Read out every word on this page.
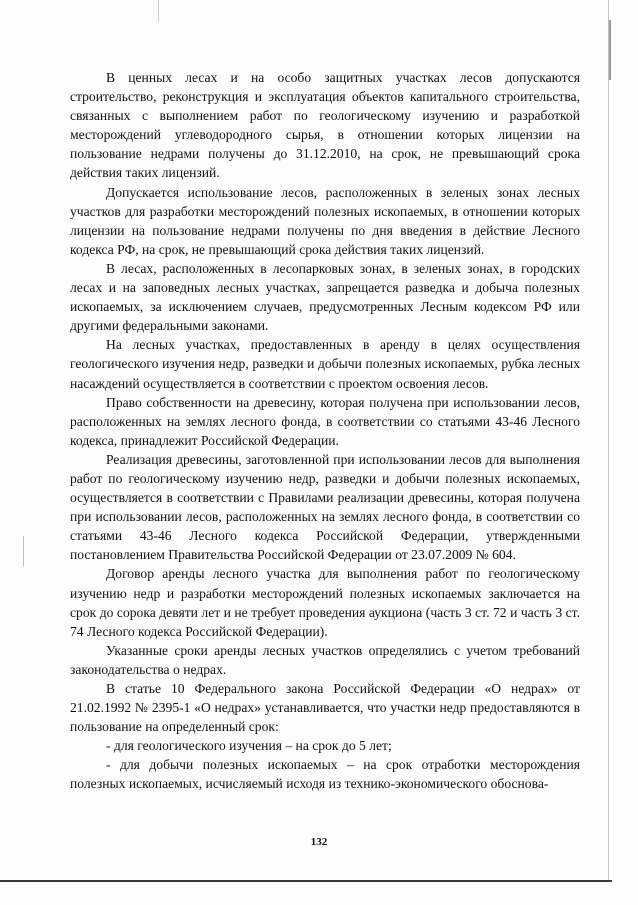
В ценных лесах и на особо защитных участках лесов допускаются строительство, реконструкция и эксплуатация объектов капитального строительства, связанных с выполнением работ по геологическому изучению и разработкой месторождений углеводородного сырья, в отношении которых лицензии на пользование недрами получены до 31.12.2010, на срок, не превышающий срока действия таких лицензий.

Допускается использование лесов, расположенных в зеленых зонах лесных участков для разработки месторождений полезных ископаемых, в отношении которых лицензии на пользование недрами получены по дня введения в действие Лесного кодекса РФ, на срок, не превышающий срока действия таких лицензий.

В лесах, расположенных в лесопарковых зонах, в зеленых зонах, в городских лесах и на заповедных лесных участках, запрещается разведка и добыча полезных ископаемых, за исключением случаев, предусмотренных Лесным кодексом РФ или другими федеральными законами.

На лесных участках, предоставленных в аренду в целях осуществления геологического изучения недр, разведки и добычи полезных ископаемых, рубка лесных насаждений осуществляется в соответствии с проектом освоения лесов.

Право собственности на древесину, которая получена при использовании лесов, расположенных на землях лесного фонда, в соответствии со статьями 43-46 Лесного кодекса, принадлежит Российской Федерации.

Реализация древесины, заготовленной при использовании лесов для выполнения работ по геологическому изучению недр, разведки и добычи полезных ископаемых, осуществляется в соответствии с Правилами реализации древесины, которая получена при использовании лесов, расположенных на землях лесного фонда, в соответствии со статьями 43-46 Лесного кодекса Российской Федерации, утвержденными постановлением Правительства Российской Федерации от 23.07.2009 № 604.

Договор аренды лесного участка для выполнения работ по геологическому изучению недр и разработки месторождений полезных ископаемых заключается на срок до сорока девяти лет и не требует проведения аукциона (часть 3 ст. 72 и часть 3 ст. 74 Лесного кодекса Российской Федерации).

Указанные сроки аренды лесных участков определялись с учетом требований законодательства о недрах.

В статье 10 Федерального закона Российской Федерации «О недрах» от 21.02.1992 № 2395-1 «О недрах» устанавливается, что участки недр предоставляются в пользование на определенный срок:

- для геологического изучения – на срок до 5 лет;

- для добычи полезных ископаемых – на срок отработки месторождения полезных ископаемых, исчисляемый исходя из технико-экономического обоснова-

132
